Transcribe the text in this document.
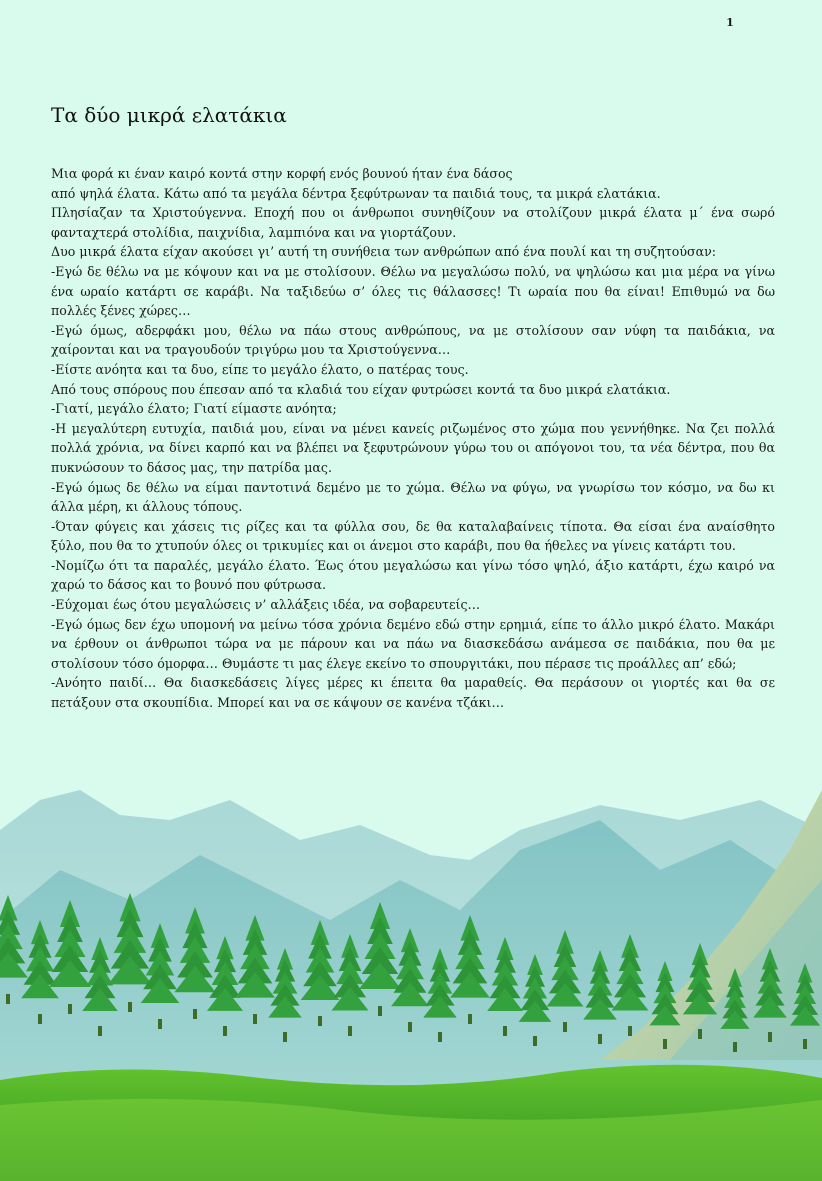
1
Τα δύο μικρά ελατάκια

Μια φορά κι έναν καιρό κοντά στην κορφή ενός βουνού ήταν ένα δάσος

από ψηλά έλατα. Κάτω από τα μεγάλα δέντρα ξεφύτρωναν τα παιδιά τους, τα μικρά ελατάκια.

Πλησίαζαν τα Χριστούγεννα. Εποχή που οι άνθρωποι συνηθίζουν να στολίζουν μικρά έλατα μ΄ ένα σωρό φανταχτερά στολίδια, παιχνίδια, λαμπιόνα και να γιορτάζουν.

Δυο μικρά έλατα είχαν ακούσει γι’ αυτή τη συνήθεια των ανθρώπων από ένα πουλί και τη συζητούσαν:

-Εγώ δε θέλω να με κόψουν και να με στολίσουν. Θέλω να μεγαλώσω πολύ, να ψηλώσω και μια μέρα να γίνω ένα ωραίο κατάρτι σε καράβι. Να ταξιδεύω σ’ όλες τις θάλασσες! Τι ωραία που θα είναι! Επιθυμώ να δω πολλές ξένες χώρες…

-Εγώ όμως, αδερφάκι μου, θέλω να πάω στους ανθρώπους, να με στολίσουν σαν νύφη τα παιδάκια, να χαίρονται και να τραγουδούν τριγύρω μου τα Χριστούγεννα…

-Είστε ανόητα και τα δυο, είπε το μεγάλο έλατο, ο πατέρας τους.

Από τους σπόρους που έπεσαν από τα κλαδιά του είχαν φυτρώσει κοντά τα δυο μικρά ελατάκια.

-Γιατί, μεγάλο έλατο; Γιατί είμαστε ανόητα;

-Η μεγαλύτερη ευτυχία, παιδιά μου, είναι να μένει κανείς ριζωμένος στο χώμα που γεννήθηκε. Να ζει πολλά πολλά χρόνια, να δίνει καρπό και να βλέπει να ξεφυτρώνουν γύρω του οι απόγονοι του, τα νέα δέντρα, που θα πυκνώσουν το δάσος μας, την πατρίδα μας.

-Εγώ όμως δε θέλω να είμαι παντοτινά δεμένο με το χώμα. Θέλω να φύγω, να γνωρίσω τον κόσμο, να δω κι άλλα μέρη, κι άλλους τόπους.

-Όταν φύγεις και χάσεις τις ρίζες και τα φύλλα σου, δε θα καταλαβαίνεις τίποτα. Θα είσαι ένα αναίσθητο ξύλο, που θα το χτυπούν όλες οι τρικυμίες και οι άνεμοι στο καράβι, που θα ήθελες να γίνεις κατάρτι του.

-Νομίζω ότι τα παραλές, μεγάλο έλατο. Έως ότου μεγαλώσω και γίνω τόσο ψηλό, άξιο κατάρτι, έχω καιρό να χαρώ το δάσος και το βουνό που φύτρωσα.

-Εύχομαι έως ότου μεγαλώσεις ν’ αλλάξεις ιδέα, να σοβαρευτείς…

-Εγώ όμως δεν έχω υπομονή να μείνω τόσα χρόνια δεμένο εδώ στην ερημιά, είπε το άλλο μικρό έλατο. Μακάρι να έρθουν οι άνθρωποι τώρα να με πάρουν και να πάω να διασκεδάσω ανάμεσα σε παιδάκια, που θα με στολίσουν τόσο όμορφα… Θυμάστε τι μας έλεγε εκείνο το σπουργιτάκι, που πέρασε τις προάλλες απ’ εδώ;

-Ανόητο παιδί… Θα διασκεδάσεις λίγες μέρες κι έπειτα θα μαραθείς. Θα περάσουν οι γιορτές και θα σε πετάξουν στα σκουπίδια. Μπορεί και να σε κάψουν σε κανένα τζάκι…
